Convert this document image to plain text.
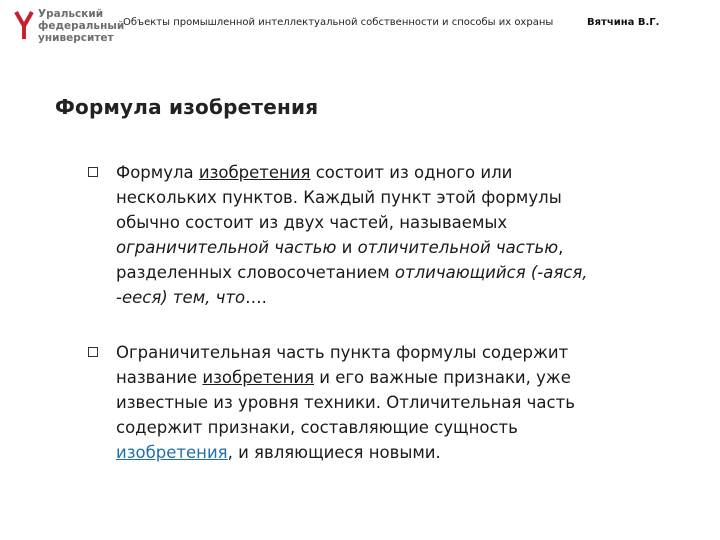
Уральский
федеральный
университет
Объекты промышленной интеллектуальной собственности и способы их охраны	Вятчина В.Г.
Формула изобретения
Формула изобретения состоит из одного или нескольких пунктов. Каждый пункт этой формулы обычно состоит из двух частей, называемых ограничительной частью и отличительной частью, разделенных словосочетанием отличающийся (-аяся, -ееся) тем, что….
Ограничительная часть пункта формулы содержит название изобретения и его важные признаки, уже известные из уровня техники. Отличительная часть содержит признаки, составляющие сущность изобретения, и являющиеся новыми.
